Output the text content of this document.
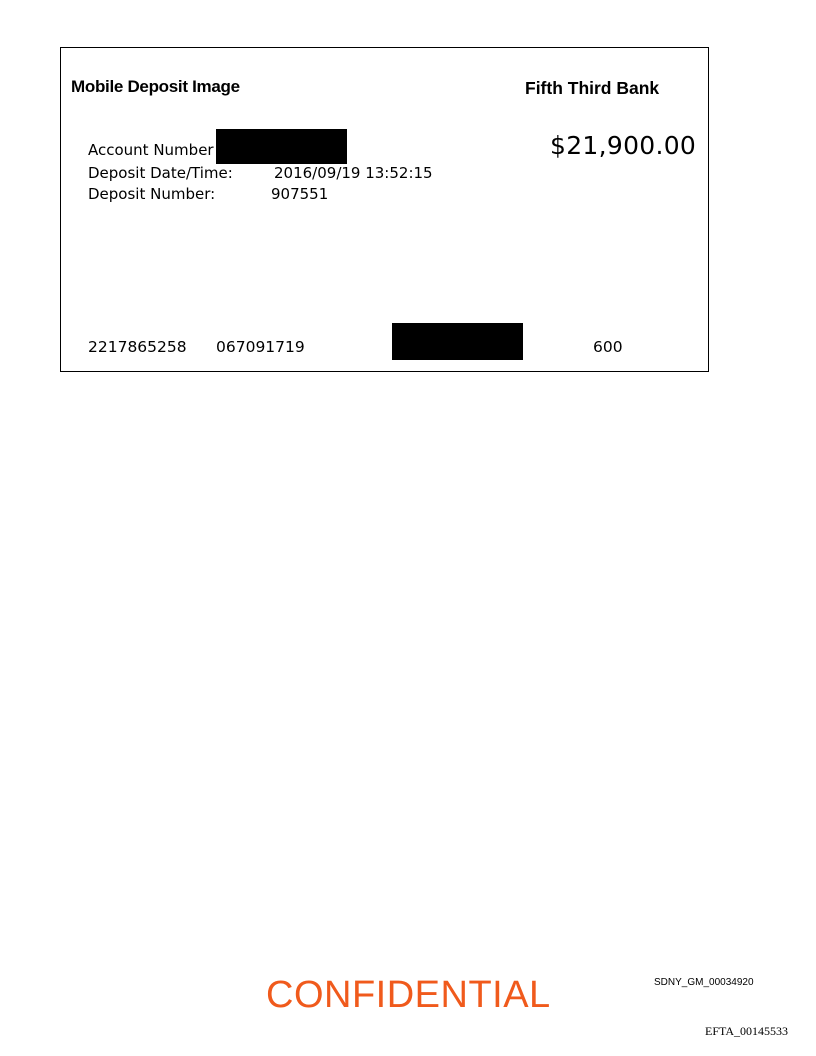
Mobile Deposit Image	Fifth Third Bank
$21,900.00
Account Number
Deposit Date/Time:	2016/09/19 13:52:15
Deposit Number:	907551
2217865258 067091719	600
CONFIDENTIAL	SDNY_GM_00034920
EFTA_00145533
